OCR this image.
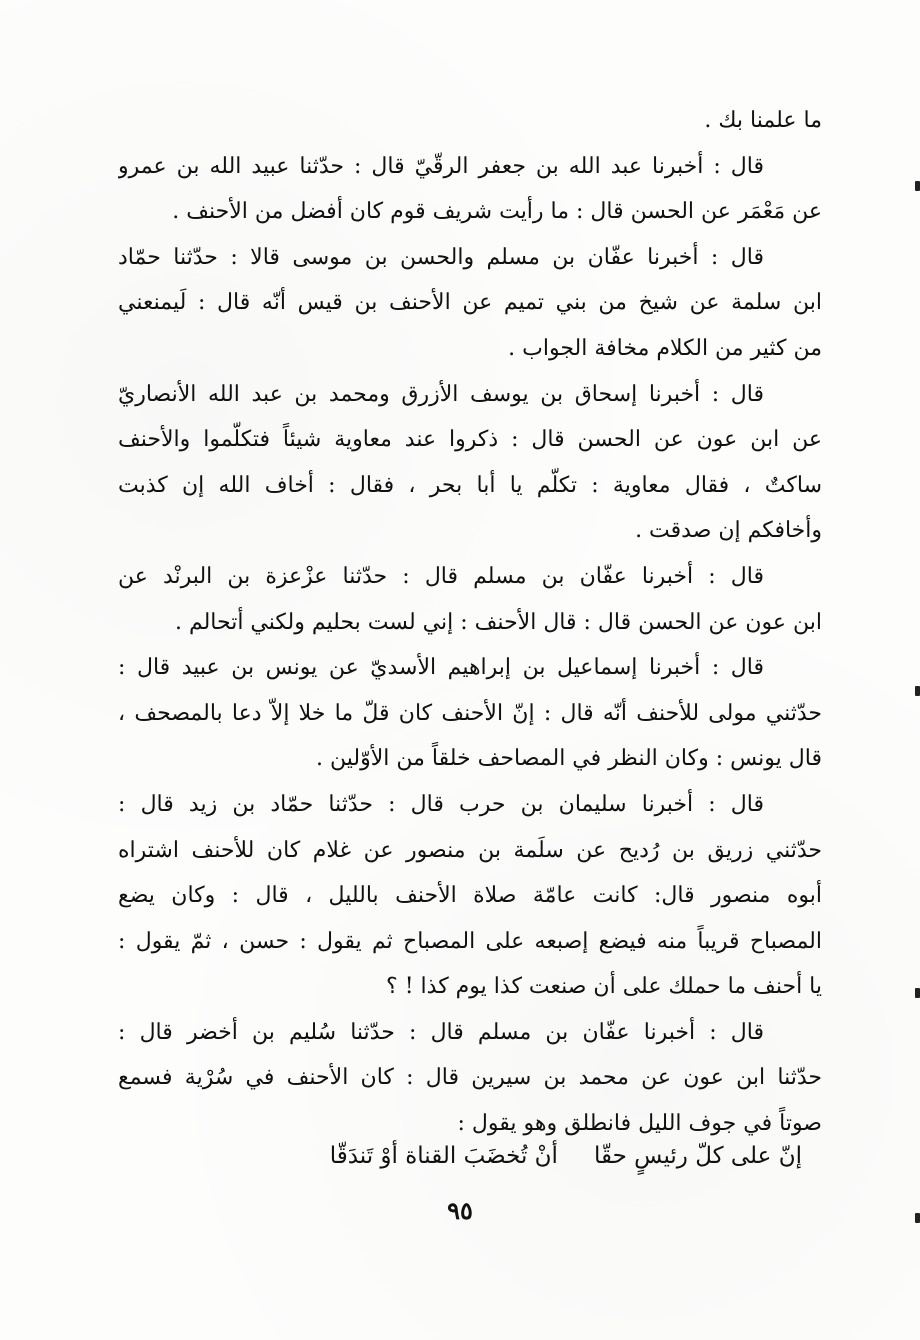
ما علمنا بك .
قال : أخبرنا عبد الله بن جعفر الرقّيّ قال : حدّثنا عبيد الله بن عمرو
عن مَعْمَر عن الحسن قال : ما رأيت شريف قوم كان أفضل من الأحنف .
قال : أخبرنا عفّان بن مسلم والحسن بن موسى قالا : حدّثنا حمّاد
ابن سلمة عن شيخ من بني تميم عن الأحنف بن قيس أنّه قال : لَيمنعني
من كثير من الكلام مخافة الجواب .
قال : أخبرنا إسحاق بن يوسف الأزرق ومحمد بن عبد الله الأنصاريّ
عن ابن عون عن الحسن قال : ذكروا عند معاوية شيئاً فتكلّموا والأحنف
ساكتٌ ، فقال معاوية : تكلّم يا أبا بحر ، فقال : أخاف الله إن كذبت
وأخافكم إن صدقت .
قال : أخبرنا عفّان بن مسلم قال : حدّثنا عزْعزة بن البرنْد عن
ابن عون عن الحسن قال : قال الأحنف : إني لست بحليم ولكني أتحالم .
قال : أخبرنا إسماعيل بن إبراهيم الأسديّ عن يونس بن عبيد قال :
حدّثني مولى للأحنف أنّه قال : إنّ الأحنف كان قلّ ما خلا إلاّ دعا بالمصحف ،
قال يونس : وكان النظر في المصاحف خلقاً من الأوّلين .
قال : أخبرنا سليمان بن حرب قال : حدّثنا حمّاد بن زيد قال :
حدّثني زريق بن رُديح عن سلَمة بن منصور عن غلام كان للأحنف اشتراه
أبوه منصور قال: كانت عامّة صلاة الأحنف بالليل ، قال : وكان يضع
المصباح قريباً منه فيضع إصبعه على المصباح ثم يقول : حسن ، ثمّ يقول :
يا أحنف ما حملك على أن صنعت كذا يوم كذا ! ؟
قال : أخبرنا عفّان بن مسلم قال : حدّثنا سُليم بن أخضر قال :
حدّثنا ابن عون عن محمد بن سيرين قال : كان الأحنف في سُرْية فسمع
صوتاً في جوف الليل فانطلق وهو يقول :
إنّ على كلّ رئيسٍ حقّاأنْ تُخضَبَ القناة أوْ تَندَقّا
٩٥
